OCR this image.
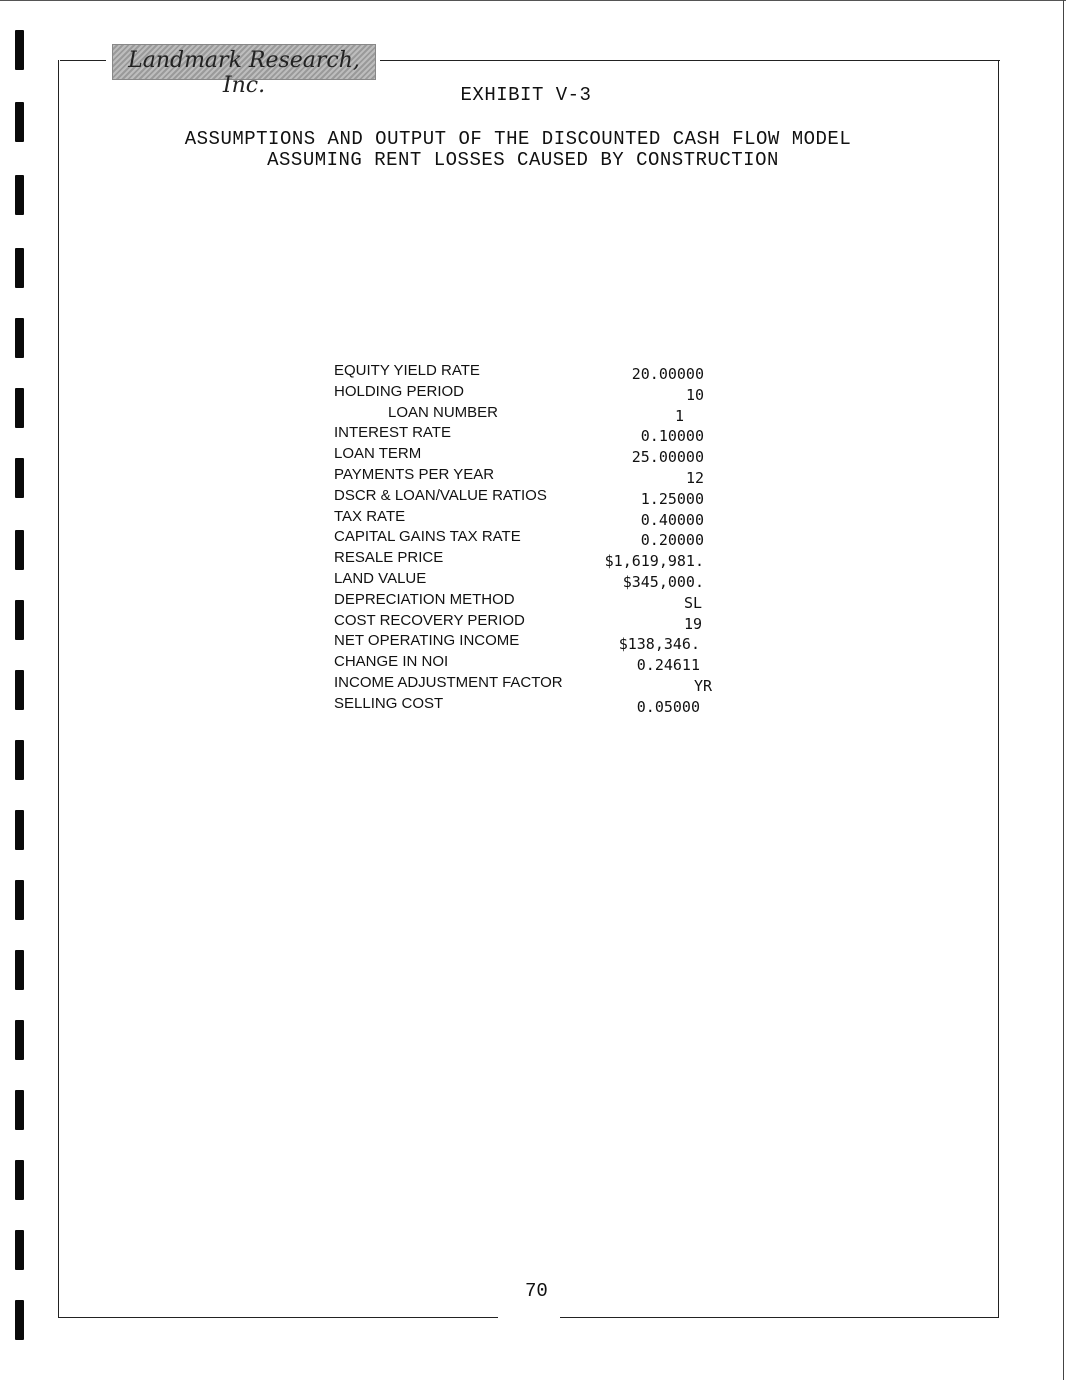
Landmark Research, Inc.	EXHIBIT V-3
ASSUMPTIONS AND OUTPUT OF THE DISCOUNTED CASH FLOW MODEL
ASSUMING RENT LOSSES CAUSED BY CONSTRUCTION
EQUITY YIELD RATE	20.00000
HOLDING PERIOD	10
LOAN NUMBER	1
INTEREST RATE	0.10000
LOAN TERM	25.00000
PAYMENTS PER YEAR	12
DSCR & LOAN/VALUE RATIOS	1.25000
TAX RATE	0.40000
CAPITAL GAINS TAX RATE	0.20000
RESALE PRICE	$1,619,981.
LAND VALUE	$345,000.
DEPRECIATION METHOD	SL
COST RECOVERY PERIOD	19
NET OPERATING INCOME	$138,346.
CHANGE IN NOI	0.24611
INCOME ADJUSTMENT FACTOR	YR
SELLING COST	0.05000
70
